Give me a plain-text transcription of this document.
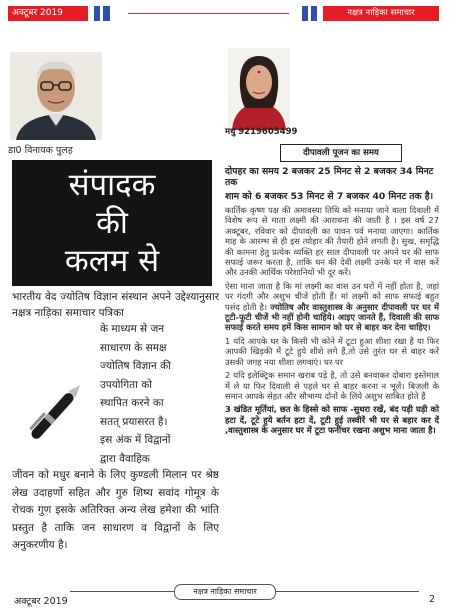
अक्टूबर 2019	नक्षत्र नाड़िका समाचार
डा0 विनायक पुलह
मधु 9219605499
संपादक
की
कलम से
भारतीय वेद ज्योतिष विज्ञान संस्थान अपने उद्देश्यानुसार नक्षत्र नाड़िका समाचार पत्रिका

के माध्यम से जन

साधारण के समक्ष

ज्योतिष विज्ञान की

उपयोगिता को

स्थापित करने का

सतत् प्रयासरत है।

इस अंक में विद्वानों

द्वारा वैवाहिक

जीवन को मधुर बनाने के लिए कुण्डली मिलान पर श्रेष्ठ लेख उदाहर्णो सहित और गुरु शिष्य सवांद गोमूत्र के रोचक गुण इसके अतिरिक्त अन्य लेख हमेशा की भांति प्रस्तुत है ताकि जन साधारण व विद्वानों के लिए अनुकरणीय है।
दीपावली पूजन का समय

दोपहर का समय 2 बजकर 25 मिनट से 2 बजकर 34 मिनट तक

शाम को 6 बजकर 53 मिनट से 7 बजकर 40 मिनट तक है।

कार्तिक कृष्ण पक्ष की अमावस्या तिथि को मनाया जाने वाला दिवाली में विशेष रूप से माता लक्ष्मी की आराधना की जाती है । इस वर्ष 27 अक्टूबर, रविवार को दीपावली का पावन पर्व मनाया जाएगा। कार्तिक माह के आरम्भ से ही इस त्योहार की तैयारी होने लगती है। सुख, समृद्धि की कामना हेतु प्रत्येक व्यक्ति हर साल दीपावली पर अपने घर की साफ सफाई जरूर करता है, ताकि धन की देवी लक्ष्मी उनके घर में वास करें और उनकी आर्थिक परेशानियों भी दूर करें।

ऐसा माना जाता है कि मां लक्ष्मी का वास उन घरों में नहीं होता है, जहां पर गंदगी और अशुभ चीजें होती हैं। मां लक्ष्मी को साफ सफाई बहुत पसंद होती है। ज्योतिष और वास्तुशास्त्र के अनुसार दीपावली पर घर में टूटी-फूटी चीजें भी नहीं होनी चाहिये। आइए जानते हैं, दिवाली की साफ सफाई करते समय हमें किस सामान को घर से बाहर कर देना चाहिए।

1 यदि आपके घर के किसी भी कोने में टूटा हुआ शीशा रखा है या फिर आपकी खिड़की में टूटे हुये शीशे लगे हैं,तो उसे तुरंत घर से बाहर करें उसकी जगह नया शीशा लगवाएं। घर पर

2 यदि इलेक्ट्रिक समान खराब पड़े है, तो उसे बनवाकर दोबारा इस्तेमाल में ले या फिर दिवाली से पहले घर से बाहर करना न भूलें। बिजली के समान आपके सेहत और सौभाग्य दोनों के लिये अशुभ साबित होते हैं

3 खंडित मूर्तियां, छत के हिस्से को साफ -सुथरा रखें, बंद पड़ी घड़ी को हटा दें, टूटे हुये बर्तन हटा दें, टूटी हुई तस्वीरें भी घर से बहार कर दें ,वास्तुशास्त्र के अनुसार घर में टूटा फर्नीचर रखना अशुभ माना जाता है।

अक्टूबर 2019
नक्षत्र नाड़िका समाचार
2
